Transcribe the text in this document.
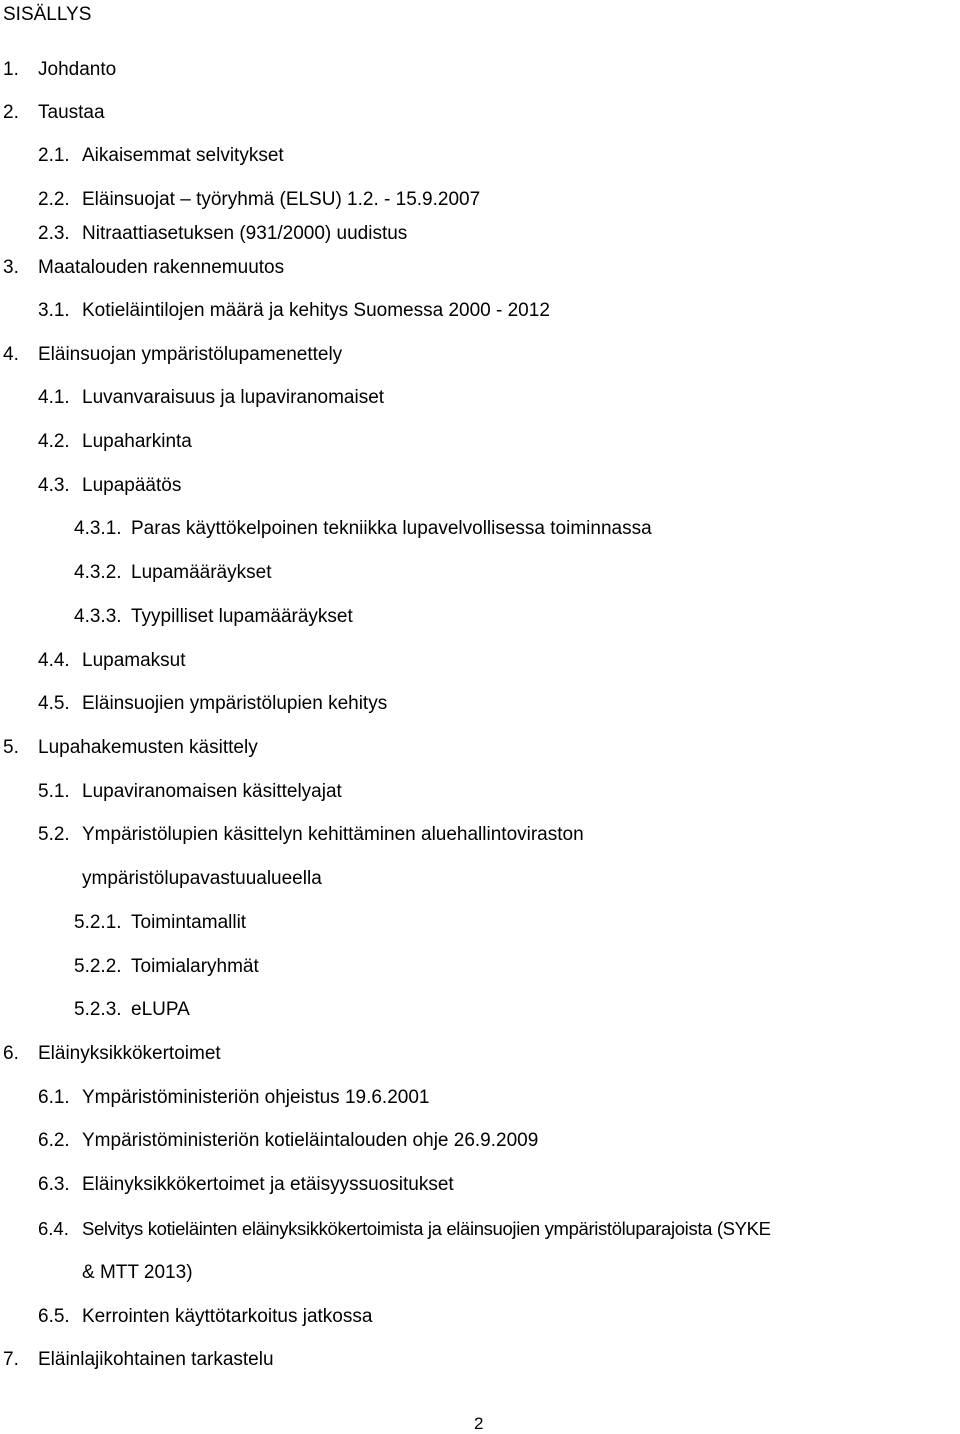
SISÄLLYS
1.	Johdanto
2.	Taustaa
2.1. Aikaisemmat selvitykset
2.2. Eläinsuojat – työryhmä (ELSU) 1.2. - 15.9.2007
2.3. Nitraattiasetuksen (931/2000) uudistus
3.	Maatalouden rakennemuutos
3.1. Kotieläintilojen määrä ja kehitys Suomessa 2000 - 2012
4.	Eläinsuojan ympäristölupamenettely
4.1. Luvanvaraisuus ja lupaviranomaiset
4.2. Lupaharkinta
4.3. Lupapäätös
4.3.1. Paras käyttökelpoinen tekniikka lupavelvollisessa toiminnassa
4.3.2. Lupamääräykset
4.3.3. Tyypilliset lupamääräykset
4.4. Lupamaksut
4.5. Eläinsuojien ympäristölupien kehitys
5.	Lupahakemusten käsittely
5.1. Lupaviranomaisen käsittelyajat
5.2. Ympäristölupien käsittelyn kehittäminen aluehallintoviraston
ympäristölupavastuualueella
5.2.1. Toimintamallit
5.2.2. Toimialaryhmät
5.2.3. eLUPA
6.	Eläinyksikkökertoimet
6.1. Ympäristöministeriön ohjeistus 19.6.2001
6.2. Ympäristöministeriön kotieläintalouden ohje 26.9.2009
6.3. Eläinyksikkökertoimet ja etäisyyssuositukset
6.4. Selvitys kotieläinten eläinyksikkökertoimista ja eläinsuojien ympäristöluparajoista (SYKE
& MTT 2013)
6.5. Kerrointen käyttötarkoitus jatkossa
7.	Eläinlajikohtainen tarkastelu
2
